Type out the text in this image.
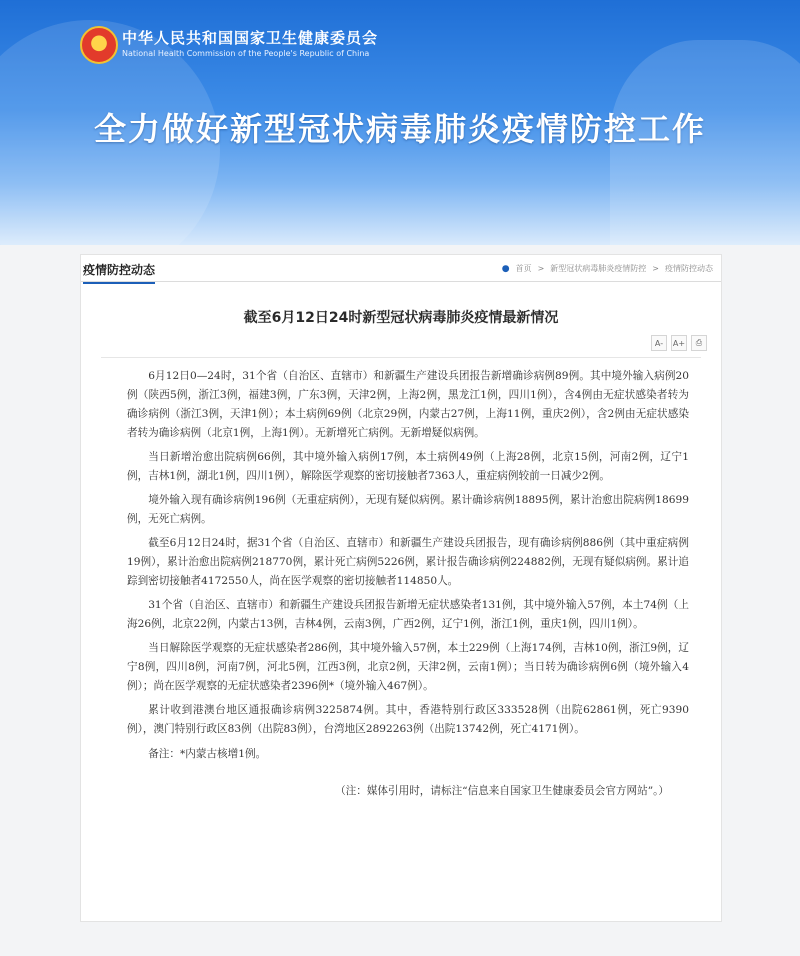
中华人民共和国国家卫生健康委员会
National Health Commission of the People's Republic of China
全力做好新型冠状病毒肺炎疫情防控工作
疫情防控动态	● 首页 > 新型冠状病毒肺炎疫情防控 > 疫情防控动态
截至6月12日24时新型冠状病毒肺炎疫情最新情况

A-	A+	⎙

6月12日0—24时，31个省（自治区、直辖市）和新疆生产建设兵团报告新增确诊病例89例。其中境外输入病例20例（陕西5例，浙江3例，福建3例，广东3例，天津2例，上海2例，黑龙江1例，四川1例），含4例由无症状感染者转为确诊病例（浙江3例，天津1例）；本土病例69例（北京29例，内蒙古27例，上海11例，重庆2例），含2例由无症状感染者转为确诊病例（北京1例，上海1例）。无新增死亡病例。无新增疑似病例。

当日新增治愈出院病例66例，其中境外输入病例17例，本土病例49例（上海28例，北京15例，河南2例，辽宁1例，吉林1例，湖北1例，四川1例），解除医学观察的密切接触者7363人，重症病例较前一日减少2例。

境外输入现有确诊病例196例（无重症病例），无现有疑似病例。累计确诊病例18895例，累计治愈出院病例18699例，无死亡病例。

截至6月12日24时，据31个省（自治区、直辖市）和新疆生产建设兵团报告，现有确诊病例886例（其中重症病例19例），累计治愈出院病例218770例，累计死亡病例5226例，累计报告确诊病例224882例，无现有疑似病例。累计追踪到密切接触者4172550人，尚在医学观察的密切接触者114850人。

31个省（自治区、直辖市）和新疆生产建设兵团报告新增无症状感染者131例，其中境外输入57例，本土74例（上海26例，北京22例，内蒙古13例，吉林4例，云南3例，广西2例，辽宁1例，浙江1例，重庆1例，四川1例）。

当日解除医学观察的无症状感染者286例，其中境外输入57例，本土229例（上海174例，吉林10例，浙江9例，辽宁8例，四川8例，河南7例，河北5例，江西3例，北京2例，天津2例，云南1例）；当日转为确诊病例6例（境外输入4例）；尚在医学观察的无症状感染者2396例*（境外输入467例）。

累计收到港澳台地区通报确诊病例3225874例。其中，香港特别行政区333528例（出院62861例，死亡9390例），澳门特别行政区83例（出院83例），台湾地区2892263例（出院13742例，死亡4171例）。

备注：*内蒙古核增1例。

（注：媒体引用时，请标注“信息来自国家卫生健康委员会官方网站”。）
